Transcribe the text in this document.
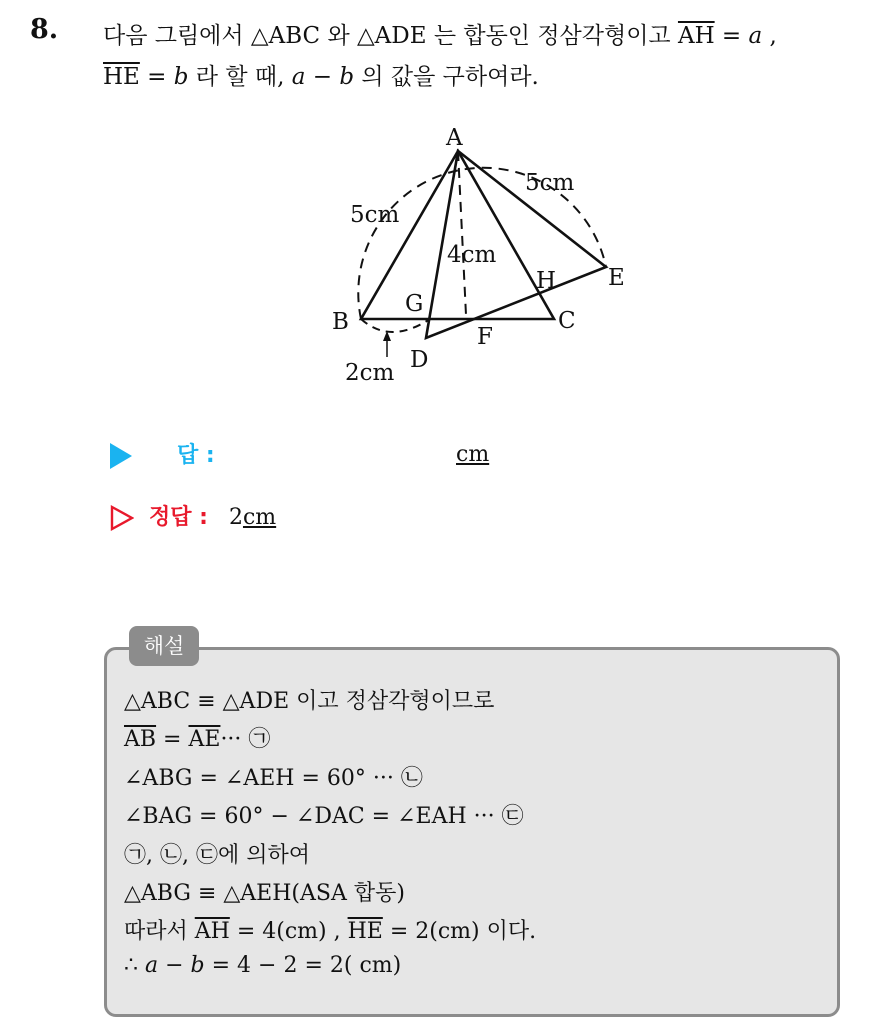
8. 다음 그림에서 △ABC 와 △ADE 는 합동인 정삼각형이고 $\overline{AH} = a$ ,
$\overline{HE} = b$ 라 할 때, a − b 의 값을 구하여라.
A
B	C
D
E
F
G
H
5cm
5cm
4cm
2cm
답 :	cm
정답 : 2cm
해설
△ABC ≡ △ADE 이고 정삼각형이므로
$\overline{AB} = \overline{AE}\cdot\cdot\cdot$ ㉠
∠ABG = ∠AEH = 60° ··· ㉡
∠BAG = 60° − ∠DAC = ∠EAH ··· ㉢
㉠, ㉡, ㉢에 의하여
△ABG ≡ △AEH(ASA 합동)
따라서 $\overline{AH} = 4(cm)$ , $\overline{HE} = 2(cm)$ 이다.
∴ a − b = 4 − 2 = 2( cm)
